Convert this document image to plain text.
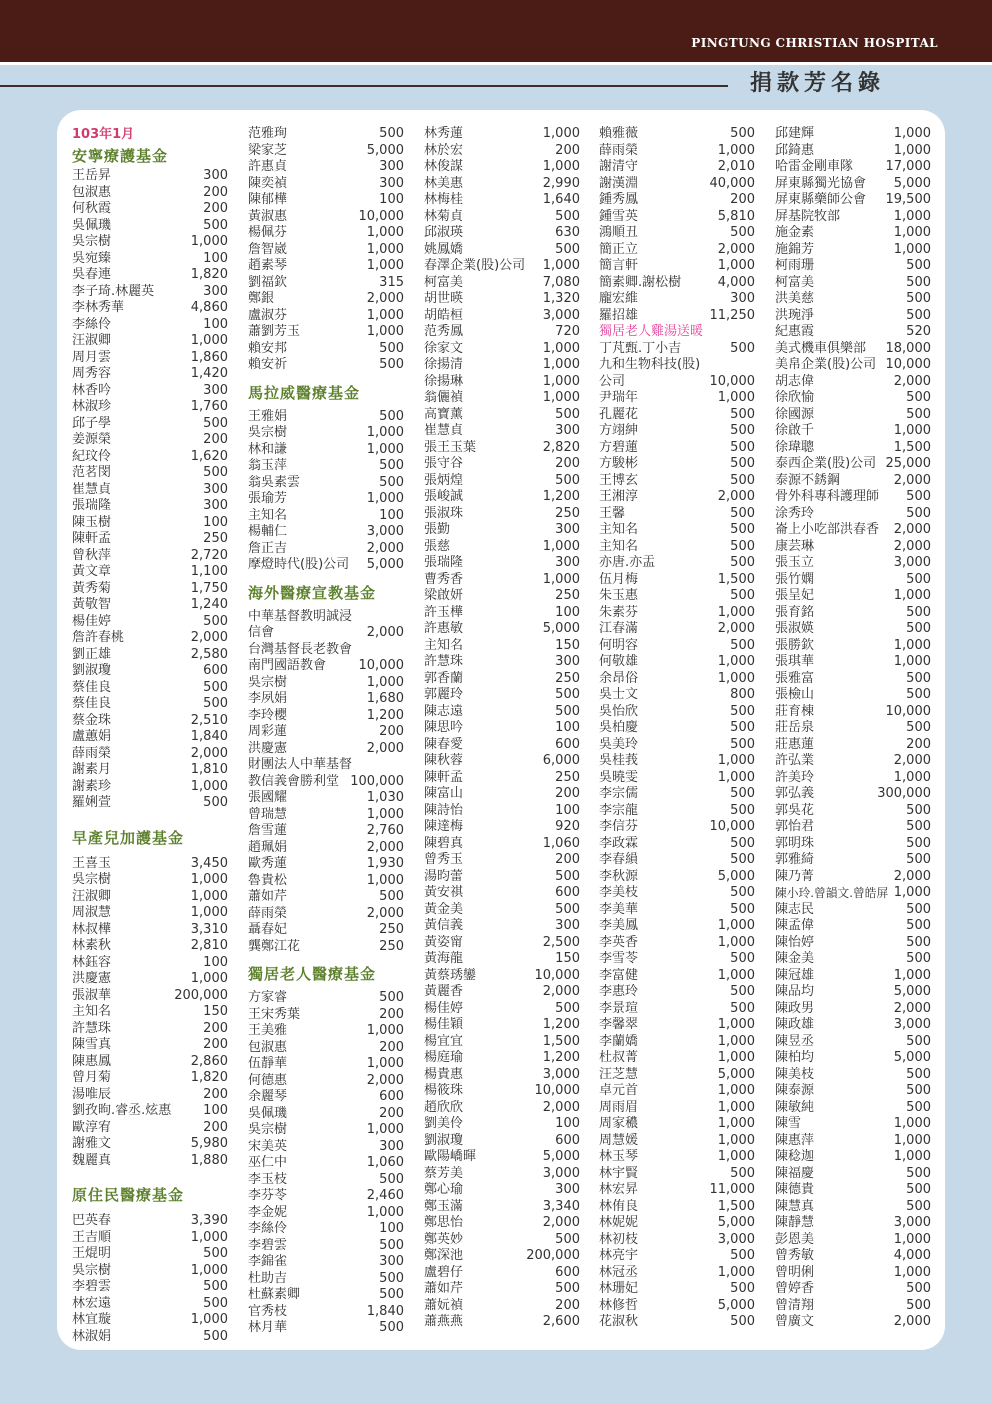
PINGTUNG CHRISTIAN HOSPITAL
捐款芳名錄
103年1月
安寧療護基金
王岳昇	300
包淑惠	200
何秋霞	200
吳佩璣	500
吳宗樹	1,000
吳宛臻	100
吳春連	1,820
李子琦.林麗英	300
李林秀華	4,860
李絲伶	100
汪淑卿	1,000
周月雲	1,860
周秀容	1,420
林香吟	300
林淑珍	1,760
邱子學	500
姜源榮	200
紀玟伶	1,620
范茗閔	500
崔慧貞	300
張瑞隆	300
陳玉樹	100
陳軒孟	250
曾秋萍	2,720
黃文章	1,100
黃秀菊	1,750
黃敬智	1,240
楊佳婷	500
詹許春桃	2,000
劉正雄	2,580
劉淑瓊	600
蔡佳良	500
蔡佳良	500
蔡金珠	2,510
盧蕙娟	1,840
薛雨榮	2,000
謝素月	1,810
謝素珍	1,000
羅娳萱	500
早產兒加護基金
王喜玉	3,450
吳宗樹	1,000
汪淑卿	1,000
周淑慧	1,000
林叔樺	3,310
林素秋	2,810
林鈺容	100
洪慶憲	1,000
張淑華	200,000
主知名	150
許慧珠	200
陳雪真	200
陳惠鳳	2,860
曾月菊	1,820
湯唯辰	200
劉孜昫.睿丞.炫惠	100
歐淳宥	200
謝雅文	5,980
魏麗真	1,880
原住民醫療基金
巴英春	3,390
王吉順	1,000
王焜明	500
吳宗樹	1,000
李碧雲	500
林宏遠	500
林宜璇	1,000
林淑娟	500
范雅珣	500
梁家芝	5,000
許惠貞	300
陳奕禎	300
陳郁樺	100
黃淑惠	10,000
楊佩芬	1,000
詹智崴	1,000
趙素琴	1,000
劉福欽	315
鄭銀	2,000
盧淑芬	1,000
蕭劉芳玉	1,000
賴安邦	500
賴安祈	500
馬拉威醫療基金
王雅娟	500
吳宗樹	1,000
林和謙	1,000
翁玉萍	500
翁吳素雲	500
張瑜芳	1,000
主知名	100
楊輔仁	3,000
詹正吉	2,000
摩燈時代(股)公司	5,000
海外醫療宣教基金
中華基督教明誠浸
信會	2,000
台灣基督長老教會
南門國語教會	10,000
吳宗樹	1,000
李夙娟	1,680
李玲櫻	1,200
周彩蓮	200
洪慶憲	2,000
財團法人中華基督
教信義會勝利堂 100,000
張國耀	1,030
曾瑞慧	1,000
詹雪蓮	2,760
趙珮娟	2,000
歐秀蓮	1,930
魯貴松	1,000
蕭如芹	500
薛雨榮	2,000
聶春妃	250
龔鄭江花	250
獨居老人醫療基金
方家睿	500
王宋秀葉	200
王美雅	1,000
包淑惠	200
伍靜華	1,000
何德惠	2,000
余麗琴	600
吳佩璣	200
吳宗樹	1,000
宋美英	300
巫仁中	1,060
李玉枝	500
李芬苓	2,460
李金妮	1,000
李絲伶	100
李碧雲	500
李錦雀	300
杜助吉	500
杜蘇素卿	500
官秀枝	1,840
林月華	500
林秀蓮	1,000
林於宏	200
林俊謀	1,000
林美惠	2,990
林梅桂	1,640
林菊貞	500
邱淑瑛	630
姚鳳嬌	500
春澤企業(股)公司	1,000
柯富美	7,080
胡世暎	1,320
胡皓桓	3,000
范秀鳳	720
徐家文	1,000
徐揚清	1,000
徐揚琳	1,000
翁儷禎	1,000
高寶薰	500
崔慧貞	300
張王玉葉	2,820
張守谷	200
張炳煌	500
張峻誠	1,200
張淑珠	250
張勤	300
張慈	1,000
張瑞隆	300
曹秀香	1,000
梁啟妍	250
許玉樺	100
許惠敏	5,000
主知名	150
許慧珠	300
郭香蘭	250
郭麗玲	500
陳志遠	500
陳思吟	100
陳春愛	600
陳秋蓉	6,000
陳軒孟	250
陳富山	200
陳詩怡	100
陳達梅	920
陳碧真	1,060
曾秀玉	200
湯昀蕾	500
黃安祺	600
黃金美	500
黃信義	300
黃姿甯	2,500
黃海龍	150
黃蔡琇鑾	10,000
黃麗香	2,000
楊佳婷	500
楊佳穎	1,200
楊宜宜	1,500
楊庭瑜	1,200
楊貴惠	3,000
楊筱珠	10,000
趙欣欣	2,000
劉美伶	100
劉淑瓊	600
歐陽嶠暉	5,000
蔡芳美	3,000
鄭心瑜	300
鄭玉滿	3,340
鄭思怡	2,000
鄭英妙	500
鄭深池	200,000
盧碧仔	600
蕭如芹	500
蕭妧禎	200
蕭燕燕	2,600
賴雅薇	500
薛雨榮	1,000
謝清守	2,010
謝漢淵	40,000
鍾秀鳳	200
鍾雪英	5,810
鴻順丑	500
簡正立	2,000
簡言軒	1,000
簡素卿.謝松樹	4,000
龐宏維	300
羅招雄	11,250
獨居老人雞湯送暖
丁芃甄.丁小吉	500
九和生物科技(股)
公司	10,000
尹瑞年	1,000
孔麗花	500
方翊紳	500
方碧蓮	500
方駿彬	500
王博玄	500
王湘淳	2,000
王馨	500
主知名	500
主知名	500
亦唐.亦盂	500
伍月梅	1,500
朱玉惠	500
朱素芬	1,000
江春滿	2,000
何明容	500
何敬雄	1,000
余昂俗	1,000
吳士文	800
吳怡欣	500
吳柏慶	500
吳美玲	500
吳桂莪	1,000
吳曉雯	1,000
李宗儒	500
李宗龍	500
李信芬	10,000
李政霖	500
李春縜	500
李秋源	5,000
李美枝	500
李美華	500
李美鳳	1,000
李英香	1,000
李雪苓	500
李富健	1,000
李惠玲	500
李景瑄	500
李馨翠	1,000
李蘭嬌	1,000
杜叔菁	1,000
汪芝慧	5,000
卓元首	1,000
周雨眉	1,000
周家穠	1,000
周慧媛	1,000
林玉琴	1,000
林宇賢	500
林宏昇	11,000
林侑良	1,500
林妮妮	5,000
林初枝	3,000
林亮宇	500
林冠丞	1,000
林珊妃	500
林修哲	5,000
花淑秋	500
邱建輝	1,000
邱錡惠	1,000
哈雷金剛車隊	17,000
屏東縣獨光協會	5,000
屏東縣藥師公會	19,500
屏基院牧部	1,000
施金素	1,000
施錦芳	1,000
柯雨珊	500
柯富美	500
洪美慈	500
洪琬淨	500
紀惠霞	520
美式機車俱樂部	18,000
美帛企業(股)公司 10,000
胡志偉	2,000
徐欣愉	500
徐國源	500
徐啟千	1,000
徐瑋聰	1,500
泰西企業(股)公司 25,000
泰源不銹鋼	2,000
骨外科專科護理師	500
涂秀玲	500
崙上小吃部洪春香	2,000
康芸琳	2,000
張玉立	3,000
張竹嫻	500
張呈妃	1,000
張育銘	500
張淑媖	500
張勝欽	1,000
張琪華	1,000
張雅富	500
張檢山	500
莊育棟	10,000
莊岳泉	500
莊惠蓮	200
許弘業	2,000
許美玲	1,000
郭弘義	300,000
郭吳花	500
郭怡君	500
郭明珠	500
郭雅綺	500
陳乃菁	2,000
陳小玲.曾韻文.曾皓屏 1,000
陳志民	500
陳孟偉	500
陳怡婷	500
陳金美	500
陳冠雄	1,000
陳品均	5,000
陳政男	2,000
陳政雄	3,000
陳昱丞	500
陳柏均	5,000
陳美枝	500
陳泰源	500
陳敏純	500
陳雪	1,000
陳惠萍	1,000
陳稔迦	1,000
陳福慶	500
陳德貴	500
陳慧真	500
陳靜慧	3,000
彭恩美	1,000
曾秀敏	4,000
曾明俐	1,000
曾婷香	500
曾清翔	500
曾廣文	2,000
